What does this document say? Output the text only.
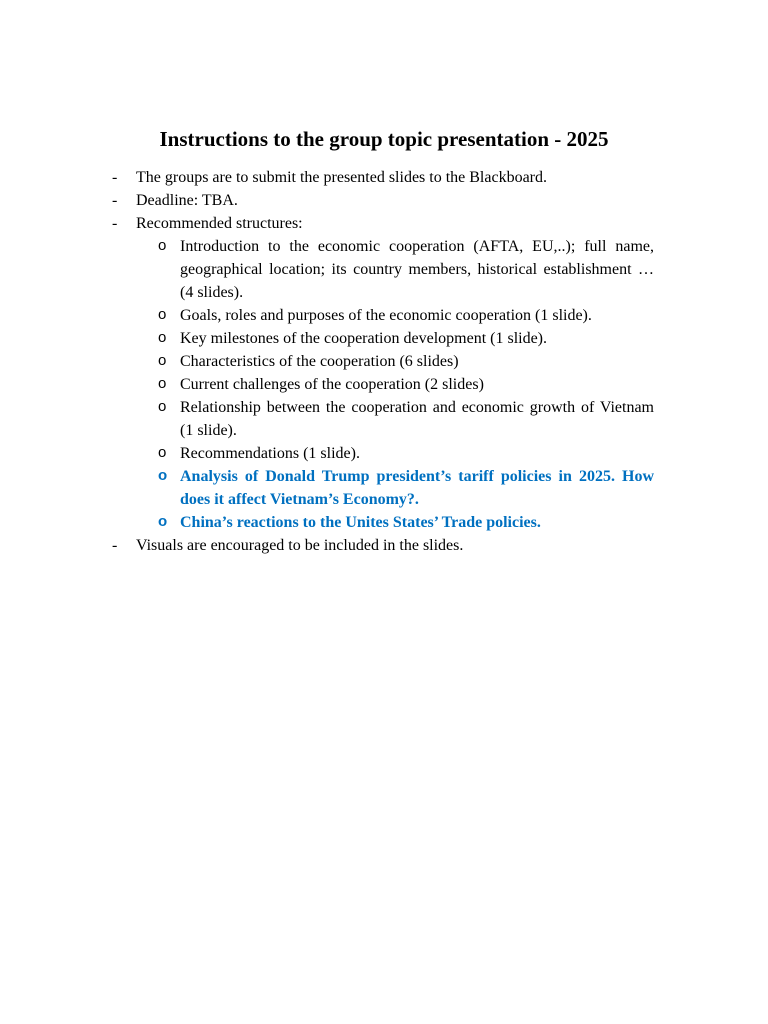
Instructions to the group topic presentation - 2025
-	The groups are to submit the presented slides to the Blackboard.
-	Deadline: TBA.
-	Recommended structures:
o Introduction to the economic cooperation (AFTA, EU,..); full name, geographical location; its country members, historical establishment … (4 slides).
o Goals, roles and purposes of the economic cooperation (1 slide).
o Key milestones of the cooperation development (1 slide).
o Characteristics of the cooperation (6 slides)
o Current challenges of the cooperation (2 slides)
o Relationship between the cooperation and economic growth of Vietnam (1 slide).
o Recommendations (1 slide).
o Analysis of Donald Trump president’s tariff policies in 2025. How does it affect Vietnam’s Economy?.
o China’s reactions to the Unites States’ Trade policies.
-	Visuals are encouraged to be included in the slides.
